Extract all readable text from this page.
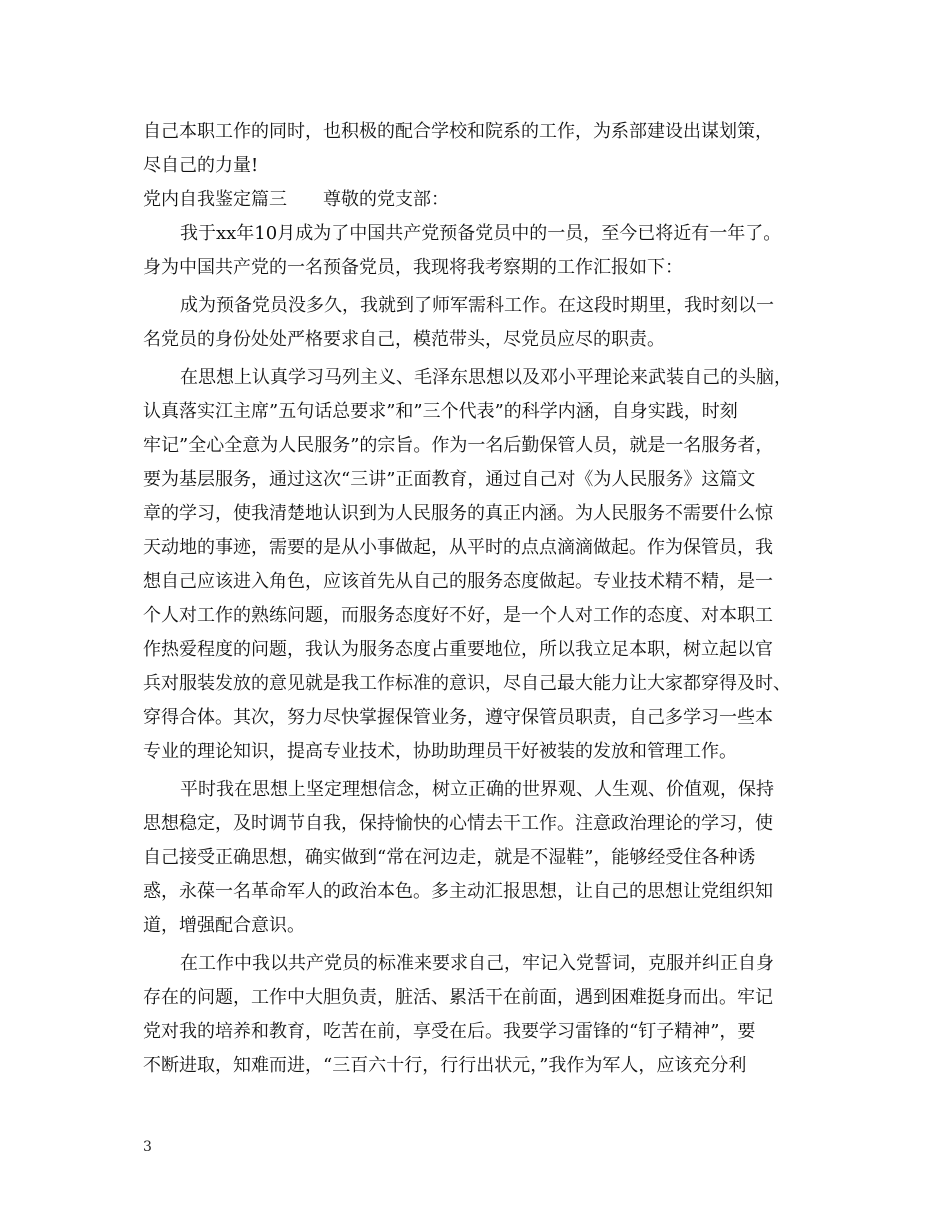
自己本职工作的同时，也积极的配合学校和院系的工作，为系部建设出谋划策，
尽自己的力量!
党内自我鉴定篇三 尊敬的党支部：
我于xx年10月成为了中国共产党预备党员中的一员，至今已将近有一年了。
身为中国共产党的一名预备党员，我现将我考察期的工作汇报如下：
成为预备党员没多久，我就到了师军需科工作。在这段时期里，我时刻以一
名党员的身份处处严格要求自己，模范带头，尽党员应尽的职责。
在思想上认真学习马列主义、毛泽东思想以及邓小平理论来武装自己的头脑，
认真落实江主席”五句话总要求”和”三个代表”的科学内涵，自身实践，时刻
牢记”全心全意为人民服务”的宗旨。作为一名后勤保管人员，就是一名服务者，
要为基层服务，通过这次“三讲”正面教育，通过自己对《为人民服务》这篇文
章的学习，使我清楚地认识到为人民服务的真正内涵。为人民服务不需要什么惊
天动地的事迹，需要的是从小事做起，从平时的点点滴滴做起。作为保管员，我
想自己应该进入角色，应该首先从自己的服务态度做起。专业技术精不精，是一
个人对工作的熟练问题，而服务态度好不好，是一个人对工作的态度、对本职工
作热爱程度的问题，我认为服务态度占重要地位，所以我立足本职，树立起以官
兵对服装发放的意见就是我工作标准的意识，尽自己最大能力让大家都穿得及时、
穿得合体。其次，努力尽快掌握保管业务，遵守保管员职责，自己多学习一些本
专业的理论知识，提高专业技术，协助助理员干好被装的发放和管理工作。
平时我在思想上坚定理想信念，树立正确的世界观、人生观、价值观，保持
思想稳定，及时调节自我，保持愉快的心情去干工作。注意政治理论的学习，使
自己接受正确思想，确实做到“常在河边走，就是不湿鞋”，能够经受住各种诱
惑，永葆一名革命军人的政治本色。多主动汇报思想，让自己的思想让党组织知
道，增强配合意识。
在工作中我以共产党员的标准来要求自己，牢记入党誓词，克服并纠正自身
存在的问题，工作中大胆负责，脏活、累活干在前面，遇到困难挺身而出。牢记
党对我的培养和教育，吃苦在前，享受在后。我要学习雷锋的“钉子精神”，要
不断进取，知难而进，“三百六十行，行行出状元，”我作为军人，应该充分利
3
